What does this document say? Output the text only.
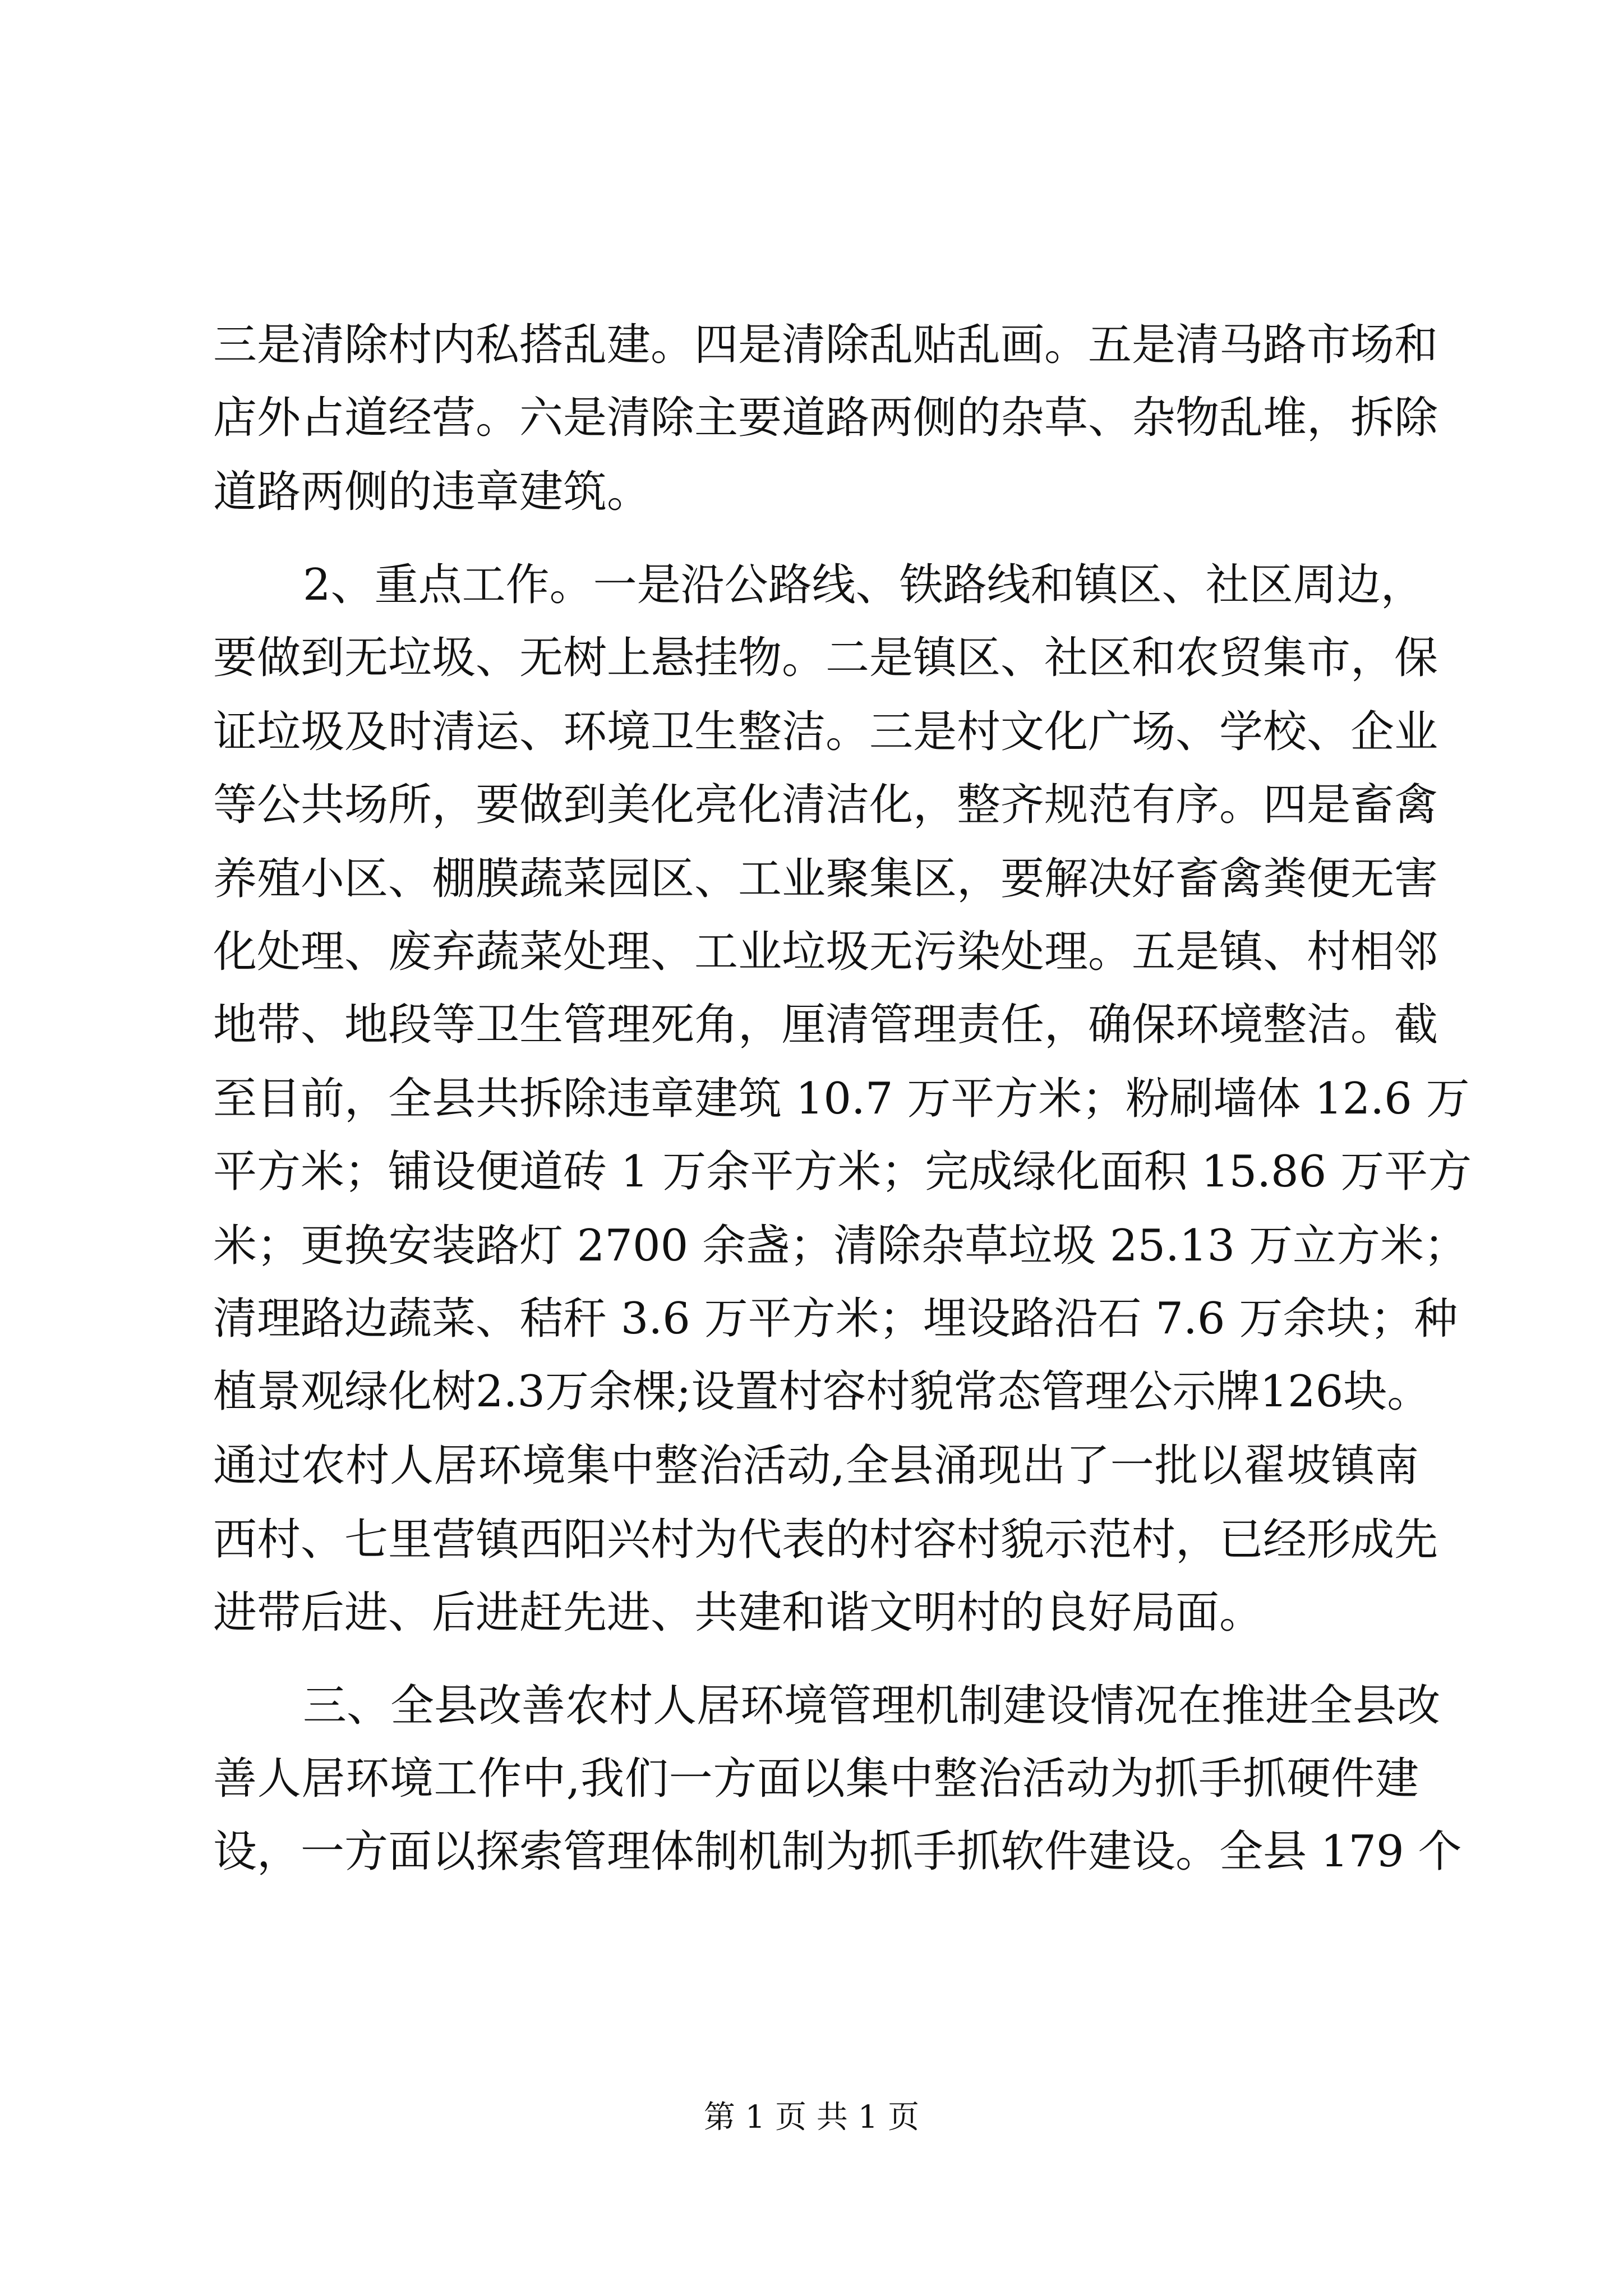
三是清除村内私搭乱建。四是清除乱贴乱画。五是清马路市场和
店外占道经营。六是清除主要道路两侧的杂草、杂物乱堆，拆除
道路两侧的违章建筑。
2、重点工作。一是沿公路线、铁路线和镇区、社区周边，
要做到无垃圾、无树上悬挂物。二是镇区、社区和农贸集市，保
证垃圾及时清运、环境卫生整洁。三是村文化广场、学校、企业
等公共场所，要做到美化亮化清洁化，整齐规范有序。四是畜禽
养殖小区、棚膜蔬菜园区、工业聚集区，要解决好畜禽粪便无害
化处理、废弃蔬菜处理、工业垃圾无污染处理。五是镇、村相邻
地带、地段等卫生管理死角，厘清管理责任，确保环境整洁。截
至目前，全县共拆除违章建筑 10.7 万平方米；粉刷墙体 12.6 万
平方米；铺设便道砖 1 万余平方米；完成绿化面积 15.86 万平方
米；更换安装路灯 2700 余盏；清除杂草垃圾 25.13 万立方米；
清理路边蔬菜、秸秆 3.6 万平方米；埋设路沿石 7.6 万余块；种
植景观绿化树2.3万余棵;设置村容村貌常态管理公示牌126块。
通过农村人居环境集中整治活动,全县涌现出了一批以翟坡镇南
西村、七里营镇西阳兴村为代表的村容村貌示范村，已经形成先
进带后进、后进赶先进、共建和谐文明村的良好局面。
三、全县改善农村人居环境管理机制建设情况在推进全县改
善人居环境工作中,我们一方面以集中整治活动为抓手抓硬件建
设，一方面以探索管理体制机制为抓手抓软件建设。全县 179 个
第 1 页 共 1 页
